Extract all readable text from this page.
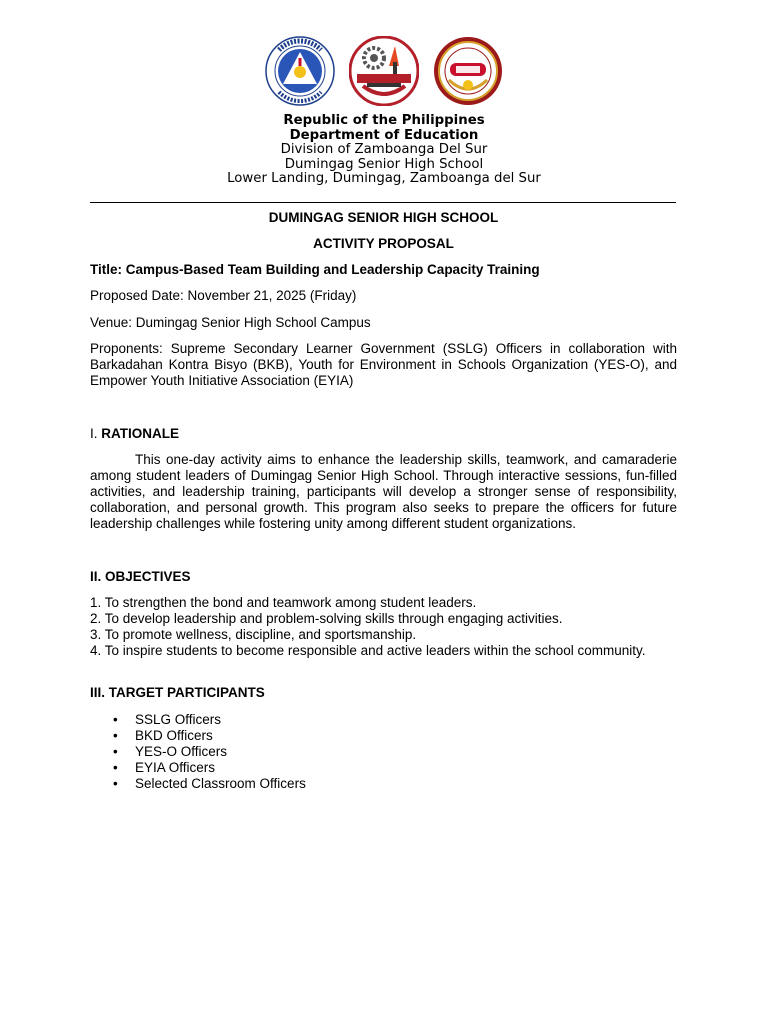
Republic of the Philippines
Department of Education
Division of Zamboanga Del Sur
Dumingag Senior High School
Lower Landing, Dumingag, Zamboanga del Sur
DUMINGAG SENIOR HIGH SCHOOL
ACTIVITY PROPOSAL

Title: Campus-Based Team Building and Leadership Capacity Training

Proposed Date: November 21, 2025 (Friday)

Venue: Dumingag Senior High School Campus

Proponents: Supreme Secondary Learner Government (SSLG) Officers in collaboration with Barkadahan Kontra Bisyo (BKB), Youth for Environment in Schools Organization (YES-O), and Empower Youth Initiative Association (EYIA)

I. RATIONALE

This one-day activity aims to enhance the leadership skills, teamwork, and camaraderie among student leaders of Dumingag Senior High School. Through interactive sessions, fun-filled activities, and leadership training, participants will develop a stronger sense of responsibility, collaboration, and personal growth. This program also seeks to prepare the officers for future leadership challenges while fostering unity among different student organizations.

II. OBJECTIVES

1. To strengthen the bond and teamwork among student leaders.
2. To develop leadership and problem-solving skills through engaging activities.
3. To promote wellness, discipline, and sportsmanship.
4. To inspire students to become responsible and active leaders within the school community.

III. TARGET PARTICIPANTS

• SSLG Officers
• BKD Officers
• YES-O Officers
• EYIA Officers
• Selected Classroom Officers
